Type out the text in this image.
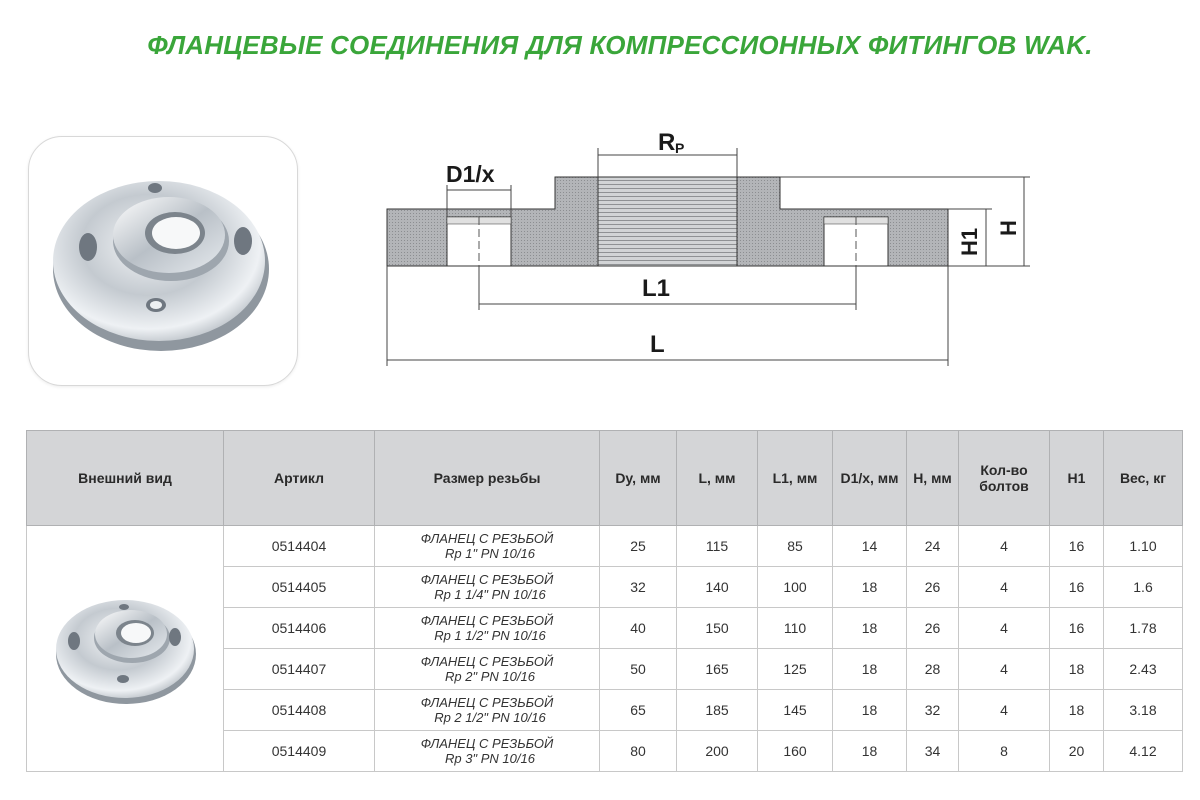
ФЛАНЦЕВЫЕ СОЕДИНЕНИЯ ДЛЯ КОМПРЕССИОННЫХ ФИТИНГОВ WAK.
R P
D1/x
L1
L
H1 H
Внешний вид	Артикл	Размер резьбы	Dy, мм	L, мм	L1, мм	D1/x, мм	H, мм	Кол-во болтов	H1	Вес, кг

	0514404	ФЛАНЕЦ С РЕЗЬБОЙ
Rp 1" PN 10/16	25	115	85	14	24	4	16	1.10
	0514405	ФЛАНЕЦ С РЕЗЬБОЙ
Rp 1 1/4" PN 10/16	32	140	100	18	26	4	16	1.6
	0514406	ФЛАНЕЦ С РЕЗЬБОЙ
Rp 1 1/2" PN 10/16	40	150	110	18	26	4	16	1.78
	0514407	ФЛАНЕЦ С РЕЗЬБОЙ
Rp 2" PN 10/16	50	165	125	18	28	4	18	2.43
	0514408	ФЛАНЕЦ С РЕЗЬБОЙ
Rp 2 1/2" PN 10/16	65	185	145	18	32	4	18	3.18
	0514409	ФЛАНЕЦ С РЕЗЬБОЙ
Rp 3" PN 10/16	80	200	160	18	34	8	20	4.12
